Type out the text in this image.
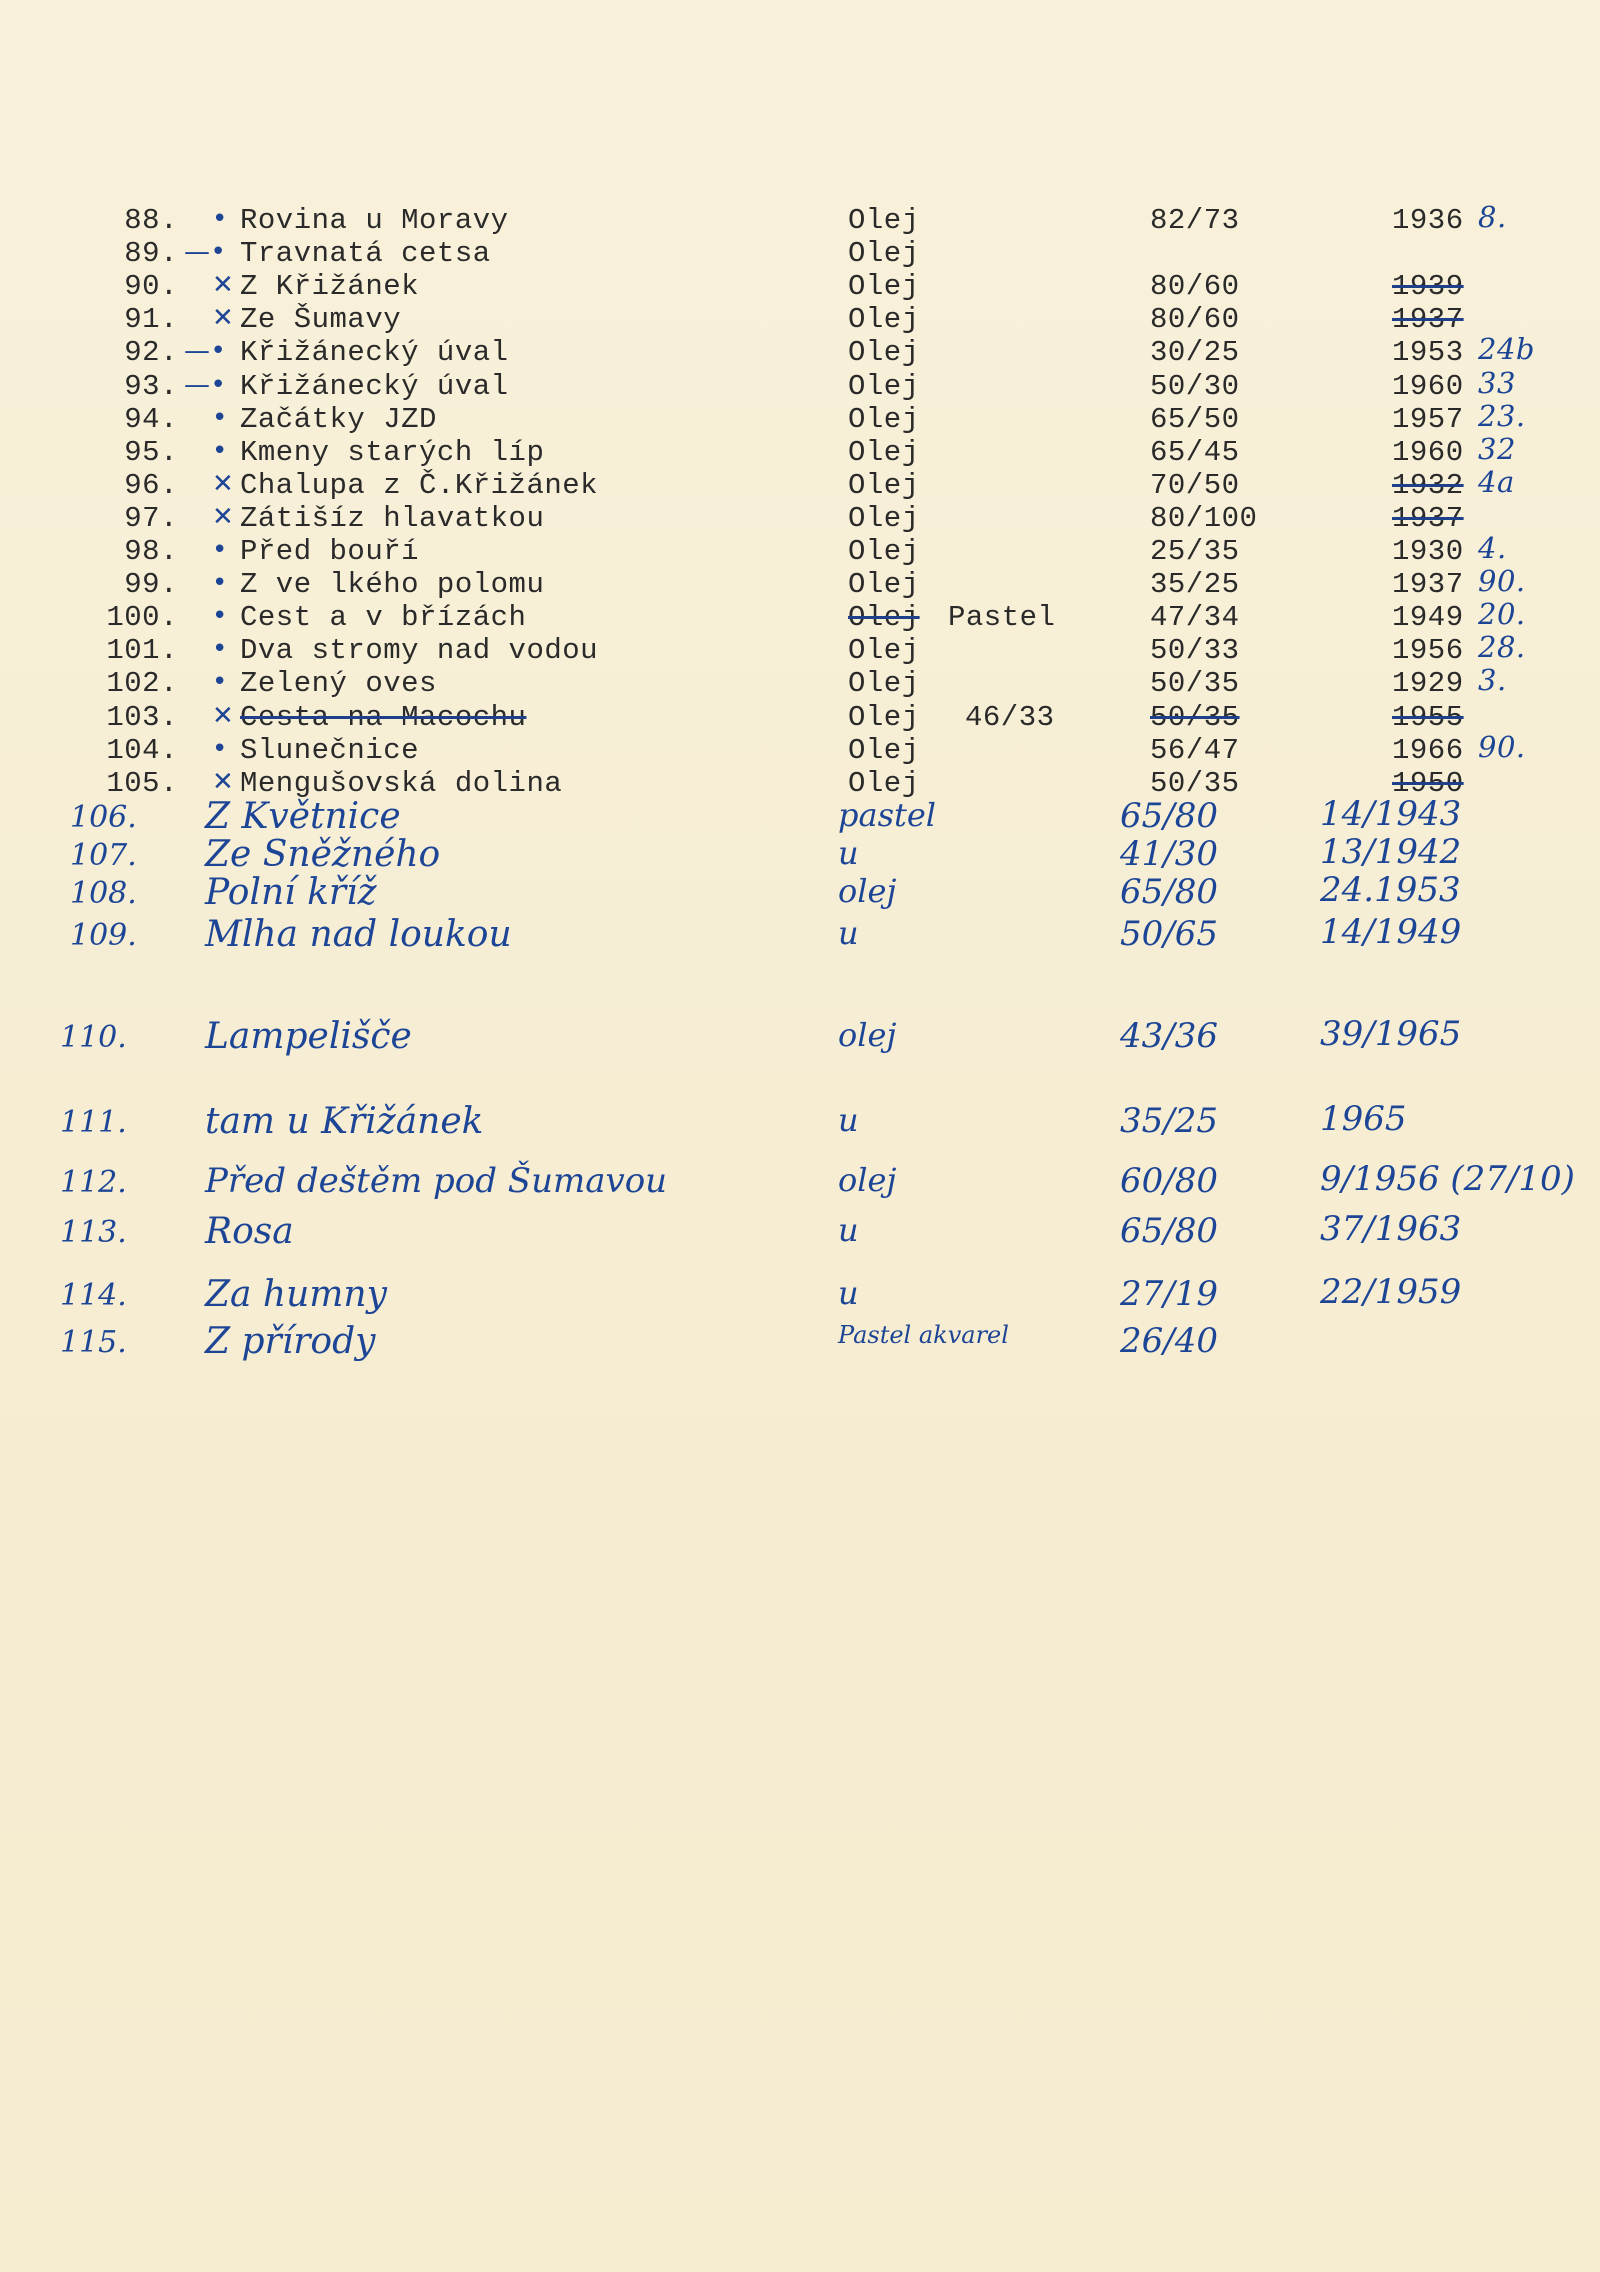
88. • Rovina u Moravy	Olej	82/73	1936 8.
89. —• Travnatá cetsa	Olej
90. ✕ Z Křižánek	Olej	80/60	1939
91. ✕ Ze Šumavy	Olej	80/60	1937
92. —• Křižánecký úval	Olej	30/25	1953 24b
93. —• Křižánecký úval	Olej	50/30	1960 33
94. • Začátky JZD	Olej	65/50	1957 23.
95. • Kmeny starých líp	Olej	65/45	1960 32
96. ✕ Chalupa z Č.Křižánek	Olej	70/50	1932 4a
97. ✕ Zátišíz hlavatkou	Olej	80/100	1937
98. • Před bouří	Olej	25/35	1930 4.
99. • Z ve lkého polomu	Olej	35/25	1937 90.
100. • Cest a v břízách	Olej Pastel	47/34	1949 20.
101. • Dva stromy nad vodou	Olej	50/33	1956 28.
102. • Zelený oves	Olej	50/35	1929 3.
103. ✕ Cesta na Macochu	Olej 46/33	50/35	1955
104. • Slunečnice	Olej	56/47	1966 90.
105. ✕ Mengušovská dolina	Olej	50/35	1950
106. Z Květnice	pastel	65/80	14/1943
107. Ze Sněžného	u	41/30	13/1942
108. Polní kříž	olej	65/80	24.1953
109. Mlha nad loukou	u	50/65	14/1949
110. Lampelišče	olej	43/36	39/1965
111. tam u Křižánek	u	35/25	1965
112. Před deštěm pod Šumavou	olej	60/80	9/1956 (27/10)
113. Rosa	u	65/80	37/1963
114. Za humny	u	27/19	22/1959
115. Z přírody	Pastel akvarel	26/40
